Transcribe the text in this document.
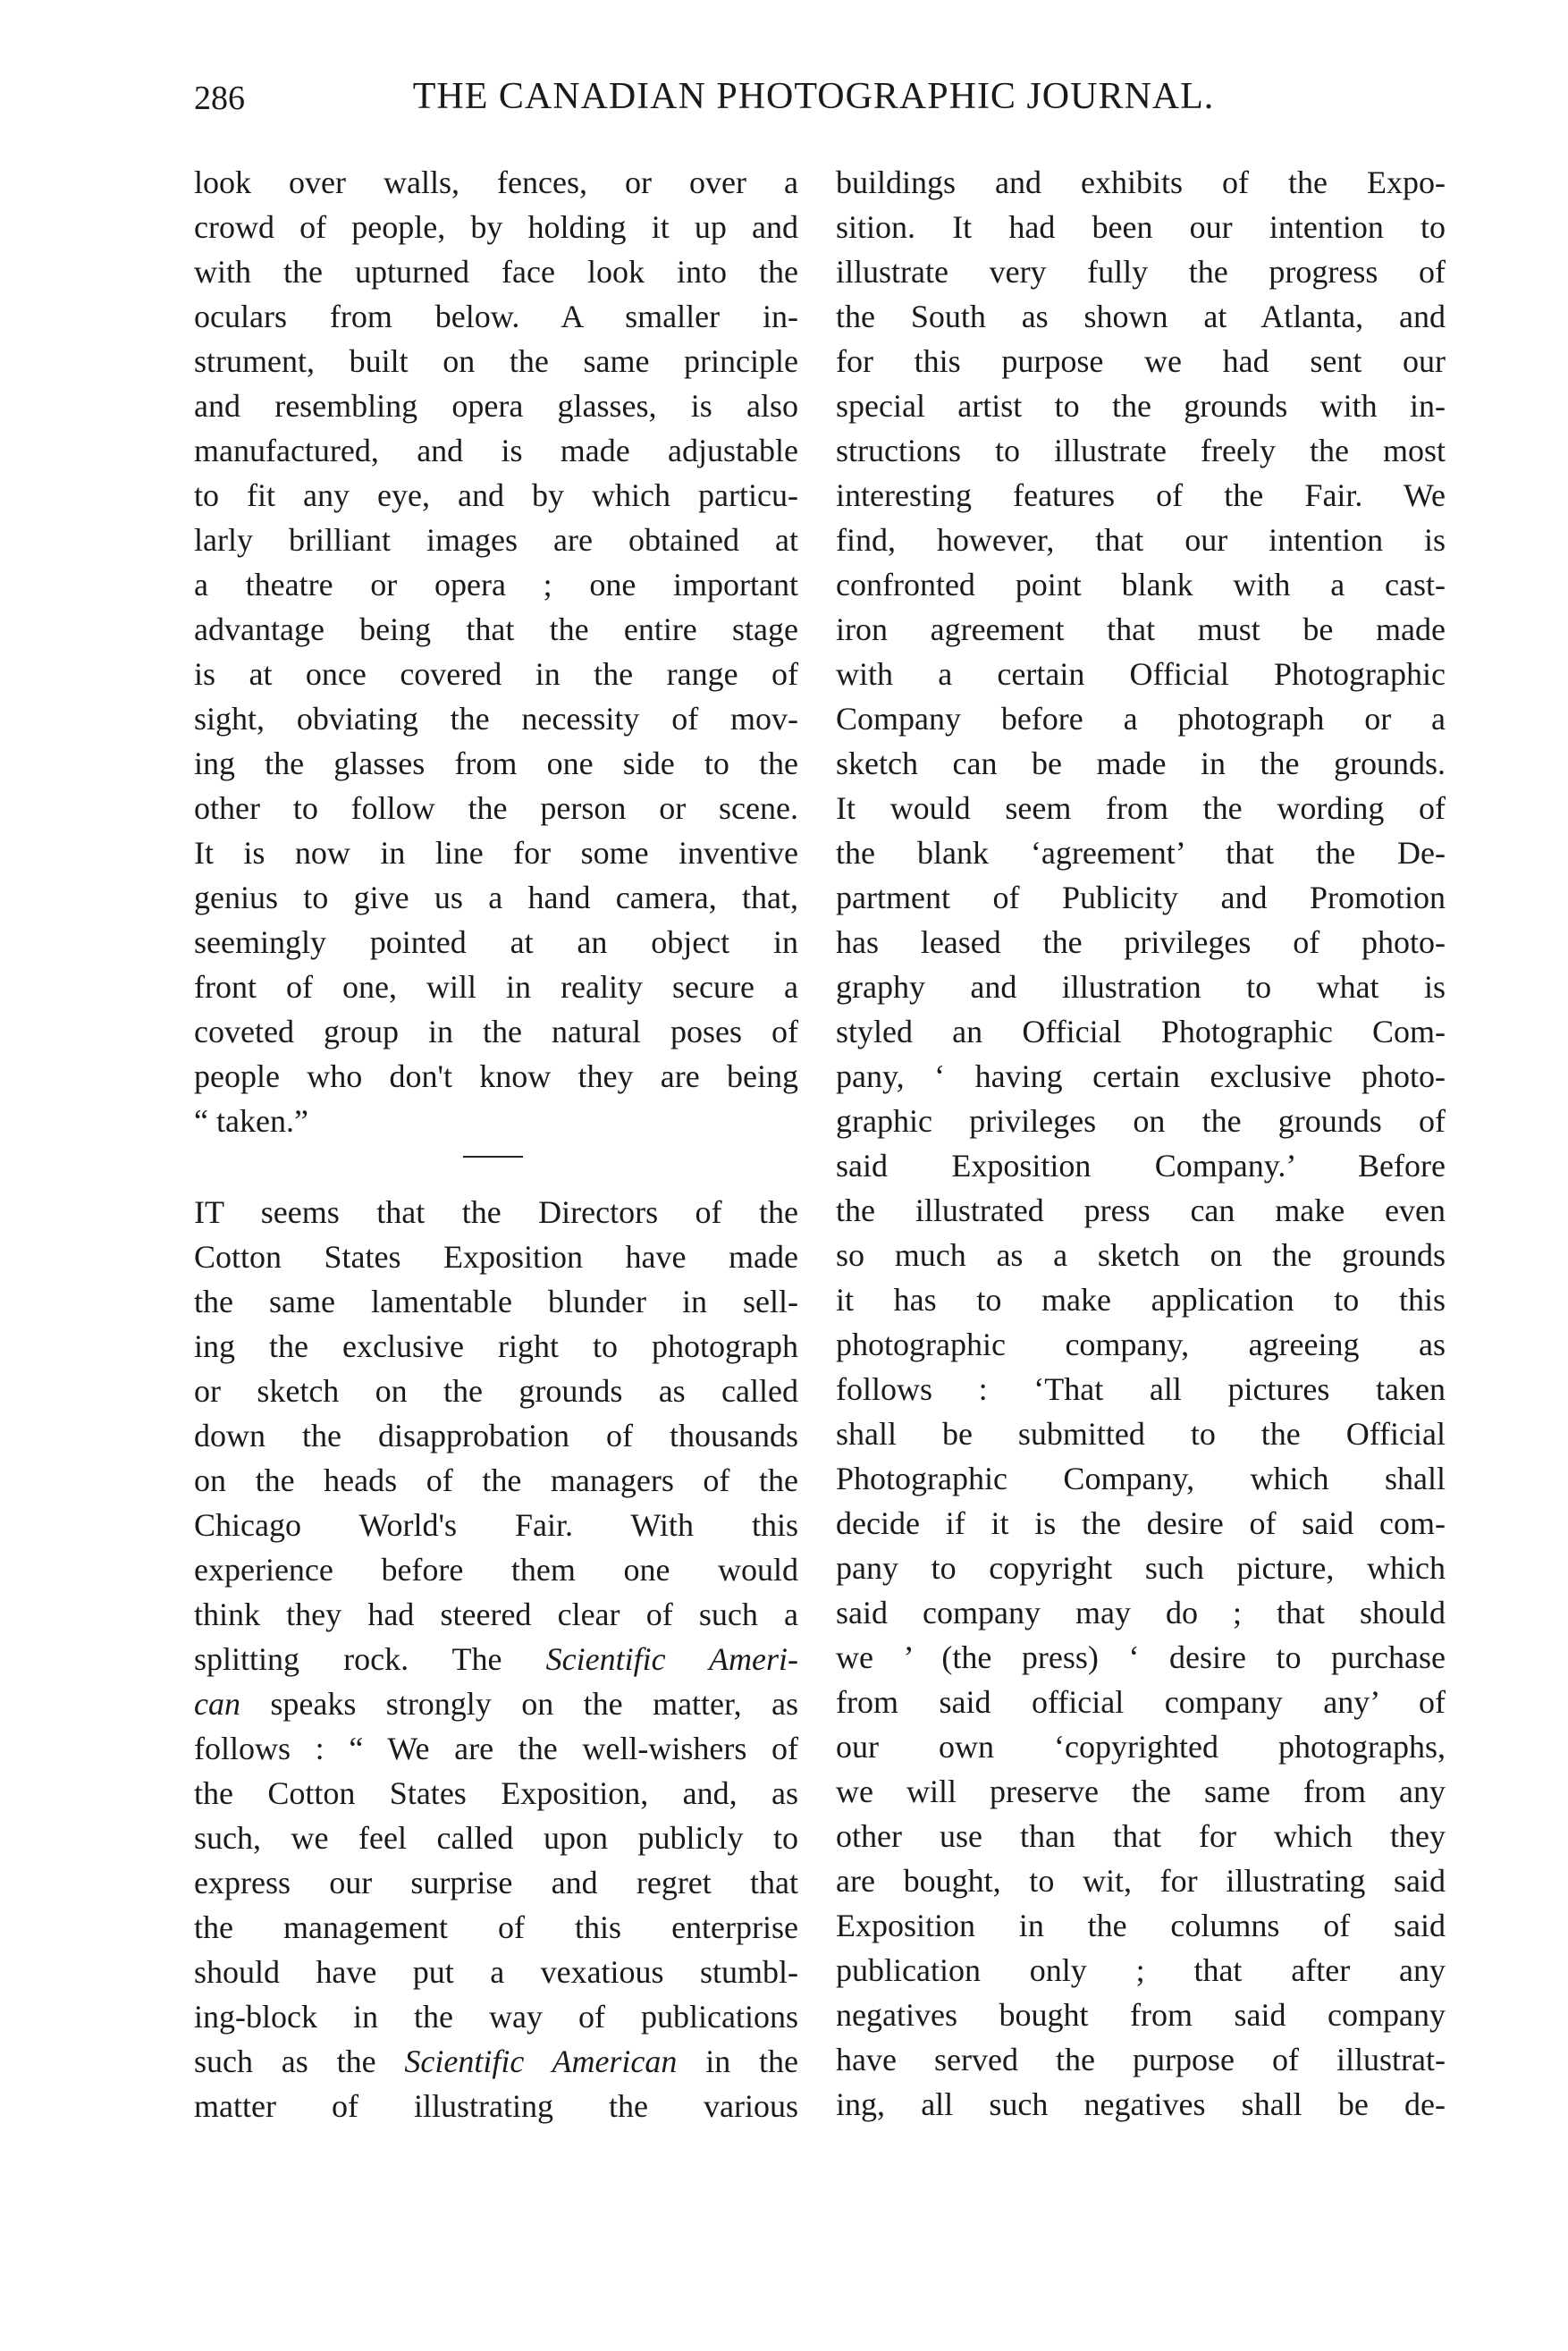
286	THE CANADIAN PHOTOGRAPHIC JOURNAL.
look over walls, fences, or over a
crowd of people, by holding it up and
with the upturned face look into the
oculars from below. A smaller in-
strument, built on the same principle
and resembling opera glasses, is also
manufactured, and is made adjustable
to fit any eye, and by which particu-
larly brilliant images are obtained at
a theatre or opera ; one important
advantage being that the entire stage
is at once covered in the range of
sight, obviating the necessity of mov-
ing the glasses from one side to the
other to follow the person or scene.
It is now in line for some inventive
genius to give us a hand camera, that,
seemingly pointed at an object in
front of one, will in reality secure a
coveted group in the natural poses of
people who don't know they are being
“ taken.”
IT seems that the Directors of the
Cotton States Exposition have made
the same lamentable blunder in sell-
ing the exclusive right to photograph
or sketch on the grounds as called
down the disapprobation of thousands
on the heads of the managers of the
Chicago World's Fair. With this
experience before them one would
think they had steered clear of such a
splitting rock. The Scientific Ameri-
can speaks strongly on the matter, as
follows : “ We are the well-wishers of
the Cotton States Exposition, and, as
such, we feel called upon publicly to
express our surprise and regret that
the management of this enterprise
should have put a vexatious stumbl-
ing-block in the way of publications
such as the Scientific American in the
matter of illustrating the various
buildings and exhibits of the Expo-
sition. It had been our intention to
illustrate very fully the progress of
the South as shown at Atlanta, and
for this purpose we had sent our
special artist to the grounds with in-
structions to illustrate freely the most
interesting features of the Fair. We
find, however, that our intention is
confronted point blank with a cast-
iron agreement that must be made
with a certain Official Photographic
Company before a photograph or a
sketch can be made in the grounds.
It would seem from the wording of
the blank ‘agreement’ that the De-
partment of Publicity and Promotion
has leased the privileges of photo-
graphy and illustration to what is
styled an Official Photographic Com-
pany, ‘ having certain exclusive photo-
graphic privileges on the grounds of
said Exposition Company.’ Before
the illustrated press can make even
so much as a sketch on the grounds
it has to make application to this
photographic company, agreeing as
follows : ‘That all pictures taken
shall be submitted to the Official
Photographic Company, which shall
decide if it is the desire of said com-
pany to copyright such picture, which
said company may do ; that should
we ’ (the press) ‘ desire to purchase
from said official company any’ of
our own ‘copyrighted photographs,
we will preserve the same from any
other use than that for which they
are bought, to wit, for illustrating said
Exposition in the columns of said
publication only ; that after any
negatives bought from said company
have served the purpose of illustrat-
ing, all such negatives shall be de-
